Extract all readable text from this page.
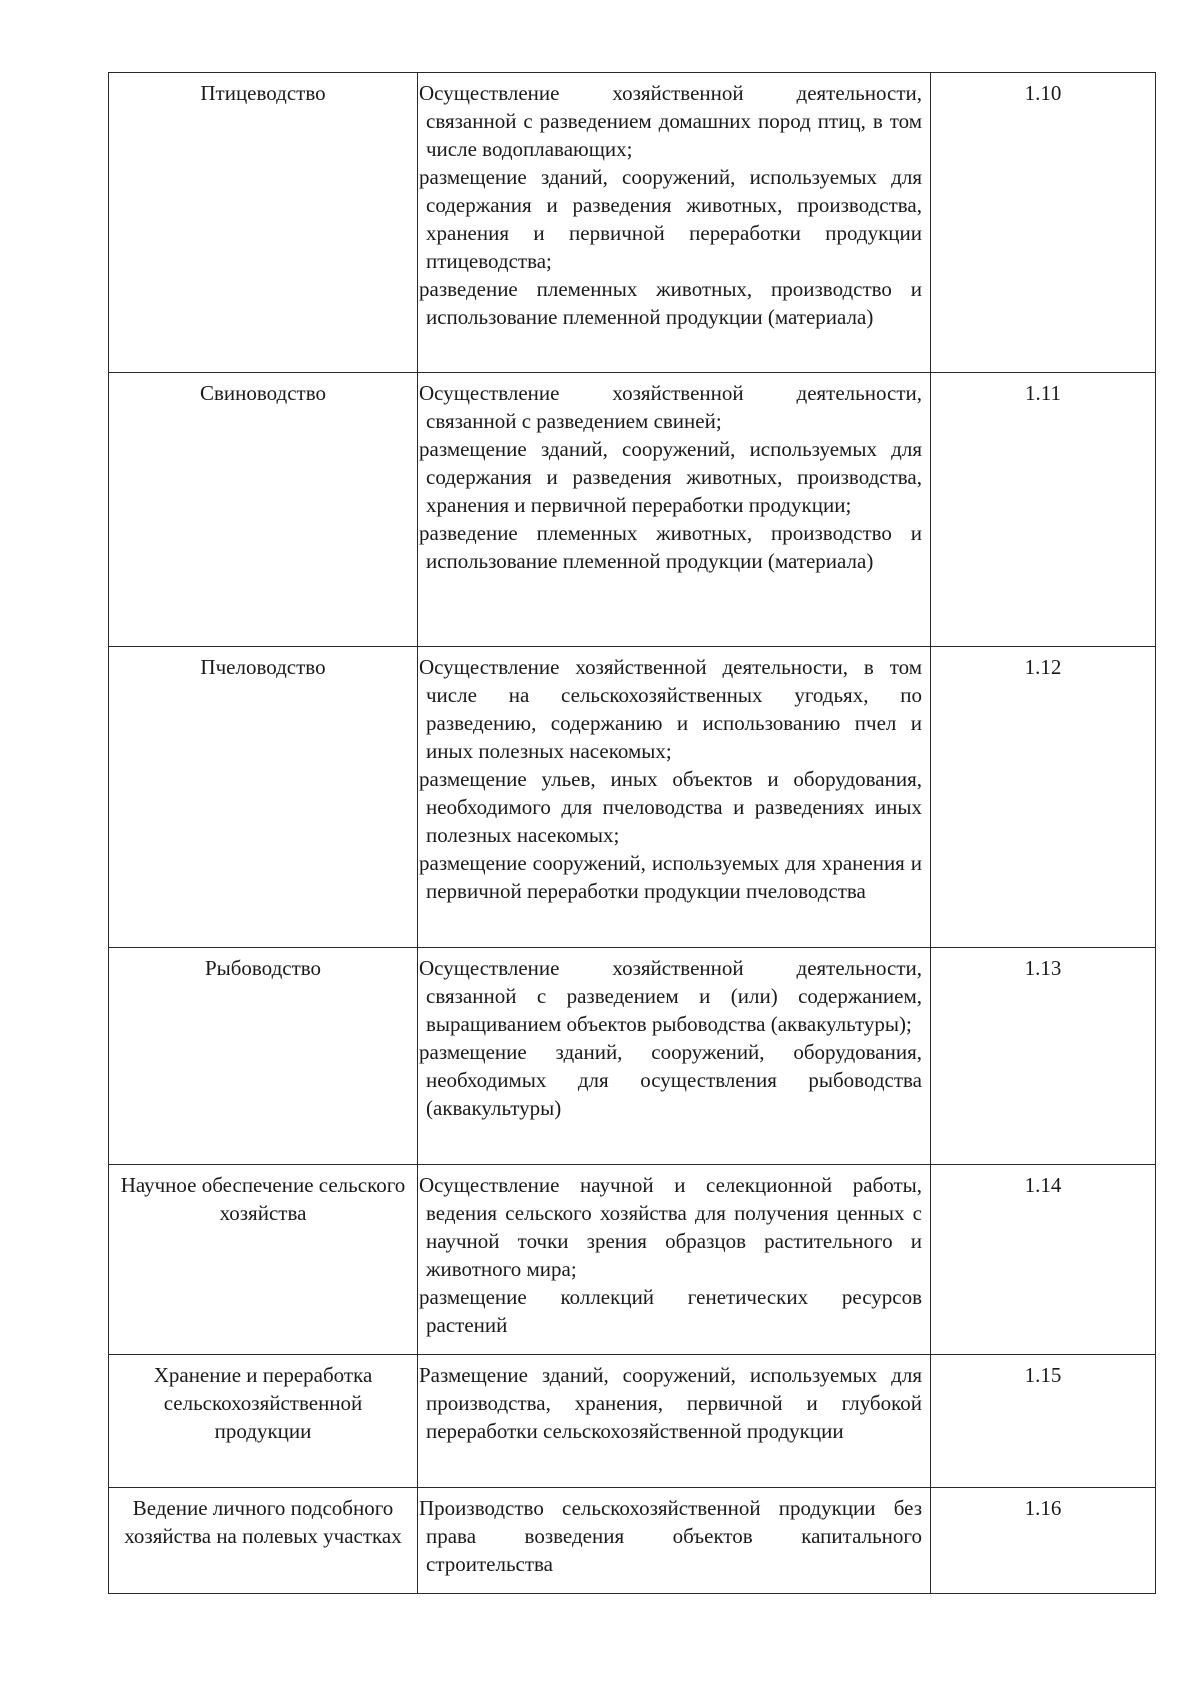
Птицеводство	Осуществление хозяйственной деятельности, связанной с разведением домашних пород птиц, в том числе водоплавающих;
размещение зданий, сооружений, используемых для содержания и разведения животных, производства, хранения и первичной переработки продукции птицеводства;
разведение племенных животных, производство и использование племенной продукции (материала)	1.10

Свиноводство	Осуществление хозяйственной деятельности, связанной с разведением свиней;
размещение зданий, сооружений, используемых для содержания и разведения животных, производства, хранения и первичной переработки продукции;
разведение племенных животных, производство и использование племенной продукции (материала)	1.11

Пчеловодство	Осуществление хозяйственной деятельности, в том числе на сельскохозяйственных угодьях, по разведению, содержанию и использованию пчел и иных полезных насекомых;
размещение ульев, иных объектов и оборудования, необходимого для пчеловодства и разведениях иных полезных насекомых;
размещение сооружений, используемых для хранения и первичной переработки продукции пчеловодства	1.12

Рыбоводство	Осуществление хозяйственной деятельности, связанной с разведением и (или) содержанием, выращиванием объектов рыбоводства (аквакультуры);
размещение зданий, сооружений, оборудования, необходимых для осуществления рыбоводства (аквакультуры)	1.13

Научное обеспечение сельского хозяйства	Осуществление научной и селекционной работы, ведения сельского хозяйства для получения ценных с научной точки зрения образцов растительного и животного мира;
размещение коллекций генетических ресурсов растений	1.14

Хранение и переработка сельскохозяйственной продукции	Размещение зданий, сооружений, используемых для производства, хранения, первичной и глубокой переработки сельскохозяйственной продукции	1.15

Ведение личного подсобного хозяйства на полевых участках	Производство сельскохозяйственной продукции без права возведения объектов капитального строительства	1.16
